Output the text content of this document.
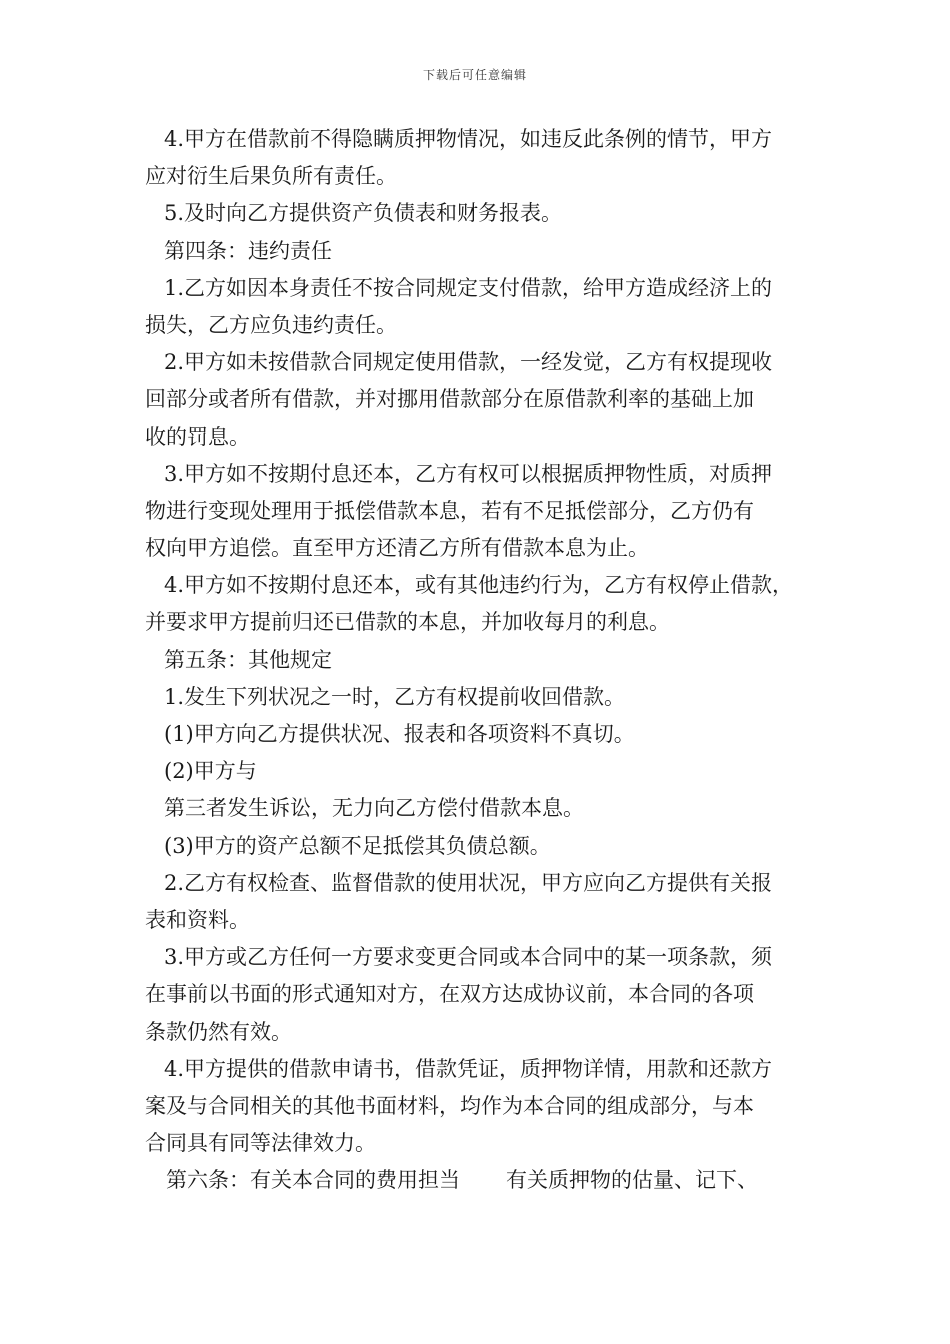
下载后可任意编辑
4.甲方在借款前不得隐瞒质押物情况，如违反此条例的情节，甲方
应对衍生后果负所有责任。
5.及时向乙方提供资产负债表和财务报表。
第四条：违约责任
1.乙方如因本身责任不按合同规定支付借款，给甲方造成经济上的
损失，乙方应负违约责任。
2.甲方如未按借款合同规定使用借款，一经发觉，乙方有权提现收
回部分或者所有借款，并对挪用借款部分在原借款利率的基础上加
收的罚息。
3.甲方如不按期付息还本，乙方有权可以根据质押物性质，对质押
物进行变现处理用于抵偿借款本息，若有不足抵偿部分，乙方仍有
权向甲方追偿。直至甲方还清乙方所有借款本息为止。
4.甲方如不按期付息还本，或有其他违约行为，乙方有权停止借款，
并要求甲方提前归还已借款的本息，并加收每月的利息。
第五条：其他规定
1.发生下列状况之一时，乙方有权提前收回借款。
(1)甲方向乙方提供状况、报表和各项资料不真切。
(2)甲方与
第三者发生诉讼，无力向乙方偿付借款本息。
(3)甲方的资产总额不足抵偿其负债总额。
2.乙方有权检查、监督借款的使用状况，甲方应向乙方提供有关报
表和资料。
3.甲方或乙方任何一方要求变更合同或本合同中的某一项条款，须
在事前以书面的形式通知对方，在双方达成协议前，本合同的各项
条款仍然有效。
4.甲方提供的借款申请书，借款凭证，质押物详情，用款和还款方
案及与合同相关的其他书面材料，均作为本合同的组成部分，与本
合同具有同等法律效力。
第六条：有关本合同的费用担当 有关质押物的估量、记下、
